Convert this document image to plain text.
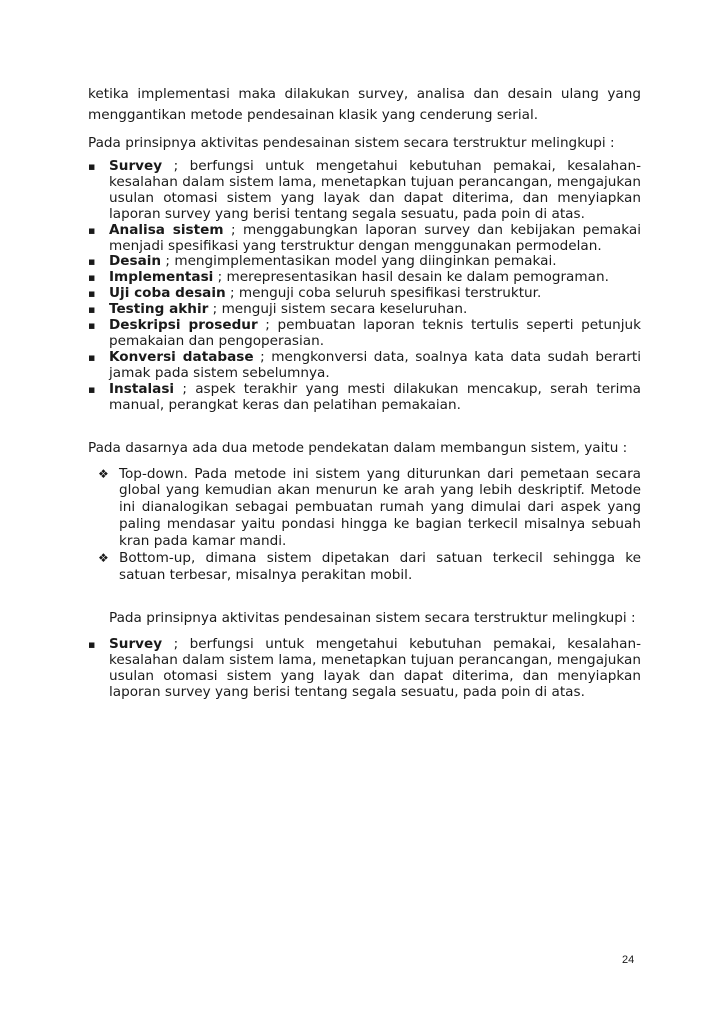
ketika implementasi maka dilakukan survey, analisa dan desain ulang yang menggantikan metode pendesainan klasik yang cenderung serial.

Pada prinsipnya aktivitas pendesainan sistem secara terstruktur melingkupi :

▪ Survey ; berfungsi untuk mengetahui kebutuhan pemakai, kesalahan-kesalahan dalam sistem lama, menetapkan tujuan perancangan, mengajukan usulan otomasi sistem yang layak dan dapat diterima, dan menyiapkan laporan survey yang berisi tentang segala sesuatu, pada poin di atas.
▪ Analisa sistem ; menggabungkan laporan survey dan kebijakan pemakai menjadi spesifikasi yang terstruktur dengan menggunakan permodelan.
▪ Desain ; mengimplementasikan model yang diinginkan pemakai.
▪ Implementasi ; merepresentasikan hasil desain ke dalam pemograman.
▪ Uji coba desain ; menguji coba seluruh spesifikasi terstruktur.
▪ Testing akhir ; menguji sistem secara keseluruhan.
▪ Deskripsi prosedur ; pembuatan laporan teknis tertulis seperti petunjuk pemakaian dan pengoperasian.
▪ Konversi database ; mengkonversi data, soalnya kata data sudah berarti jamak pada sistem sebelumnya.
▪ Instalasi ; aspek terakhir yang mesti dilakukan mencakup, serah terima manual, perangkat keras dan pelatihan pemakaian.

Pada dasarnya ada dua metode pendekatan dalam membangun sistem, yaitu :

❖ Top-down. Pada metode ini sistem yang diturunkan dari pemetaan secara global yang kemudian akan menurun ke arah yang lebih deskriptif. Metode ini dianalogikan sebagai pembuatan rumah yang dimulai dari aspek yang paling mendasar yaitu pondasi hingga ke bagian terkecil misalnya sebuah kran pada kamar mandi.
❖ Bottom-up, dimana sistem dipetakan dari satuan terkecil sehingga ke satuan terbesar, misalnya perakitan mobil.

Pada prinsipnya aktivitas pendesainan sistem secara terstruktur melingkupi :

▪ Survey ; berfungsi untuk mengetahui kebutuhan pemakai, kesalahan-kesalahan dalam sistem lama, menetapkan tujuan perancangan, mengajukan usulan otomasi sistem yang layak dan dapat diterima, dan menyiapkan laporan survey yang berisi tentang segala sesuatu, pada poin di atas.
24
